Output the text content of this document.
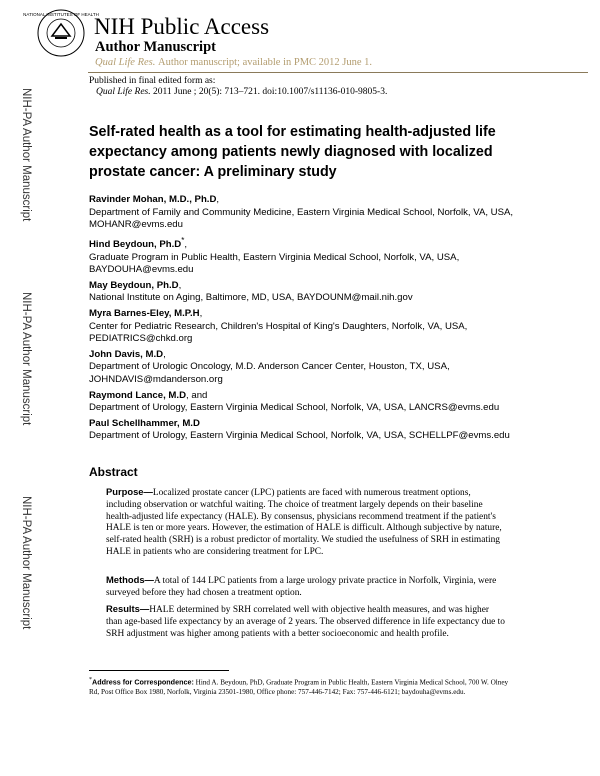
NATIONAL INSTITUTES OF HEALTH
NIH Public Access
Author Manuscript
Qual Life Res. Author manuscript; available in PMC 2012 June 1.
Published in final edited form as:
Qual Life Res. 2011 June ; 20(5): 713–721. doi:10.1007/s11136-010-9805-3.
NIH-PA Author Manuscript
NIH-PA Author Manuscript
NIH-PA Author Manuscript
Self-rated health as a tool for estimating health-adjusted life expectancy among patients newly diagnosed with localized prostate cancer: A preliminary study
Ravinder Mohan, M.D., Ph.D,
Department of Family and Community Medicine, Eastern Virginia Medical School, Norfolk, VA, USA, MOHANR@evms.edu
Hind Beydoun, Ph.D*,
Graduate Program in Public Health, Eastern Virginia Medical School, Norfolk, VA, USA, BAYDOUHA@evms.edu
May Beydoun, Ph.D,
National Institute on Aging, Baltimore, MD, USA, BAYDOUNM@mail.nih.gov
Myra Barnes-Eley, M.P.H,
Center for Pediatric Research, Children's Hospital of King's Daughters, Norfolk, VA, USA, PEDIATRICS@chkd.org
John Davis, M.D,
Department of Urologic Oncology, M.D. Anderson Cancer Center, Houston, TX, USA, JOHNDAVIS@mdanderson.org
Raymond Lance, M.D, and
Department of Urology, Eastern Virginia Medical School, Norfolk, VA, USA, LANCRS@evms.edu
Paul Schellhammer, M.D
Department of Urology, Eastern Virginia Medical School, Norfolk, VA, USA, SCHELLPF@evms.edu
Abstract
Purpose—Localized prostate cancer (LPC) patients are faced with numerous treatment options, including observation or watchful waiting. The choice of treatment largely depends on their baseline health-adjusted life expectancy (HALE). By consensus, physicians recommend treatment if the patient's HALE is ten or more years. However, the estimation of HALE is difficult. Although subjective by nature, self-rated health (SRH) is a robust predictor of mortality. We studied the usefulness of SRH in estimating HALE in patients who are considering treatment for LPC.
Methods—A total of 144 LPC patients from a large urology private practice in Norfolk, Virginia, were surveyed before they had chosen a treatment option.
Results—HALE determined by SRH correlated well with objective health measures, and was higher than age-based life expectancy by an average of 2 years. The observed difference in life expectancy due to SRH adjustment was higher among patients with a better socioeconomic and health profile.
*Address for Correspondence: Hind A. Beydoun, PhD, Graduate Program in Public Health, Eastern Virginia Medical School, 700 W. Olney Rd, Post Office Box 1980, Norfolk, Virginia 23501-1980, Office phone: 757-446-7142; Fax: 757-446-6121; baydouha@evms.edu.
